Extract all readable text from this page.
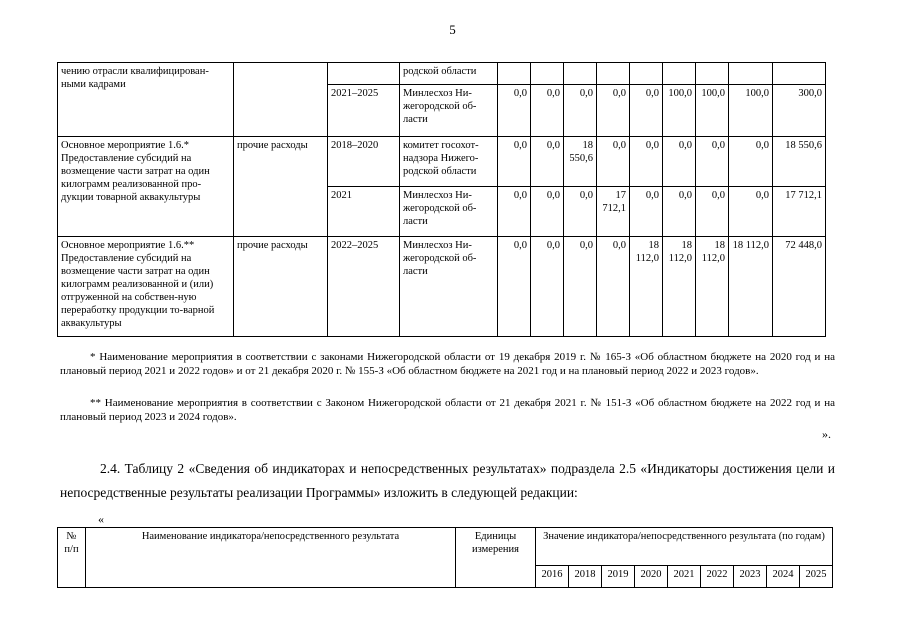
5
чению отрасли квалифицирован-ными кадрами			родской области									
		2021–2025	Минлесхоз Ни-жегородской об-ласти	0,0	0,0	0,0	0,0	0,0	100,0	100,0	100,0	300,0
Основное мероприятие 1.6.* Предоставление субсидий на возмещение части затрат на один килограмм реализованной про-дукции товарной аквакультуры	прочие расходы	2018–2020	комитет госохот-надзора Нижего-родской области	0,0	0,0	18 550,6	0,0	0,0	0,0	0,0	0,0	18 550,6
		2021	Минлесхоз Ни-жегородской об-ласти	0,0	0,0	0,0	17 712,1	0,0	0,0	0,0	0,0	17 712,1
Основное мероприятие 1.6.** Предоставление субсидий на возмещение части затрат на один килограмм реализованной и (или) отгруженной на собствен-ную переработку продукции то-варной аквакультуры	прочие расходы	2022–2025	Минлесхоз Ни-жегородской об-ласти	0,0	0,0	0,0	0,0	18 112,0	18 112,0	18 112,0	18 112,0	72 448,0
* Наименование мероприятия в соответствии с законами Нижегородской области от 19 декабря 2019 г. № 165-З «Об областном бюджете на 2020 год и на плановый период 2021 и 2022 годов» и от 21 декабря 2020 г. № 155-З «Об областном бюджете на 2021 год и на плановый период 2022 и 2023 годов».
** Наименование мероприятия в соответствии с Законом Нижегородской области от 21 декабря 2021 г. № 151-З «Об областном бюджете на 2022 год и на плановый период 2023 и 2024 годов».
».
2.4. Таблицу 2 «Сведения об индикаторах и непосредственных результатах» подраздела 2.5 «Индикаторы достижения цели и непосредственные результаты реализации Программы» изложить в следующей редакции:
«
№ п/п	Наименование индикатора/непосредственного результата	Единицы измерения	Значение индикатора/непосредственного результата (по годам)								
			2016	2018	2019	2020	2021	2022	2023	2024	2025
